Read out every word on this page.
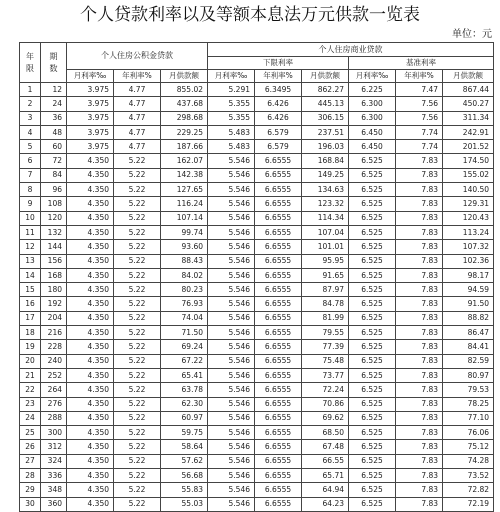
个人贷款利率以及等额本息法万元供款一览表
单位：元
年限	期数	个人住房公积金贷款			个人住房商业贷款					
					下限利率			基准利率		
		月利率‰	年利率%	月供款额	月利率‰	年利率%	月供款额	月利率‰	年利率%	月供款额
1	12	3.975	4.77	855.02	5.291	6.3495	862.27	6.225	7.47	867.44
2	24	3.975	4.77	437.68	5.355	6.426	445.13	6.300	7.56	450.27
3	36	3.975	4.77	298.68	5.355	6.426	306.15	6.300	7.56	311.34
4	48	3.975	4.77	229.25	5.483	6.579	237.51	6.450	7.74	242.91
5	60	3.975	4.77	187.66	5.483	6.579	196.03	6.450	7.74	201.52
6	72	4.350	5.22	162.07	5.546	6.6555	168.84	6.525	7.83	174.50
7	84	4.350	5.22	142.38	5.546	6.6555	149.25	6.525	7.83	155.02
8	96	4.350	5.22	127.65	5.546	6.6555	134.63	6.525	7.83	140.50
9	108	4.350	5.22	116.24	5.546	6.6555	123.32	6.525	7.83	129.31
10	120	4.350	5.22	107.14	5.546	6.6555	114.34	6.525	7.83	120.43
11	132	4.350	5.22	99.74	5.546	6.6555	107.04	6.525	7.83	113.24
12	144	4.350	5.22	93.60	5.546	6.6555	101.01	6.525	7.83	107.32
13	156	4.350	5.22	88.43	5.546	6.6555	95.95	6.525	7.83	102.36
14	168	4.350	5.22	84.02	5.546	6.6555	91.65	6.525	7.83	98.17
15	180	4.350	5.22	80.23	5.546	6.6555	87.97	6.525	7.83	94.59
16	192	4.350	5.22	76.93	5.546	6.6555	84.78	6.525	7.83	91.50
17	204	4.350	5.22	74.04	5.546	6.6555	81.99	6.525	7.83	88.82
18	216	4.350	5.22	71.50	5.546	6.6555	79.55	6.525	7.83	86.47
19	228	4.350	5.22	69.24	5.546	6.6555	77.39	6.525	7.83	84.41
20	240	4.350	5.22	67.22	5.546	6.6555	75.48	6.525	7.83	82.59
21	252	4.350	5.22	65.41	5.546	6.6555	73.77	6.525	7.83	80.97
22	264	4.350	5.22	63.78	5.546	6.6555	72.24	6.525	7.83	79.53
23	276	4.350	5.22	62.30	5.546	6.6555	70.86	6.525	7.83	78.25
24	288	4.350	5.22	60.97	5.546	6.6555	69.62	6.525	7.83	77.10
25	300	4.350	5.22	59.75	5.546	6.6555	68.50	6.525	7.83	76.06
26	312	4.350	5.22	58.64	5.546	6.6555	67.48	6.525	7.83	75.12
27	324	4.350	5.22	57.62	5.546	6.6555	66.55	6.525	7.83	74.28
28	336	4.350	5.22	56.68	5.546	6.6555	65.71	6.525	7.83	73.52
29	348	4.350	5.22	55.83	5.546	6.6555	64.94	6.525	7.83	72.82
30	360	4.350	5.22	55.03	5.546	6.6555	64.23	6.525	7.83	72.19
